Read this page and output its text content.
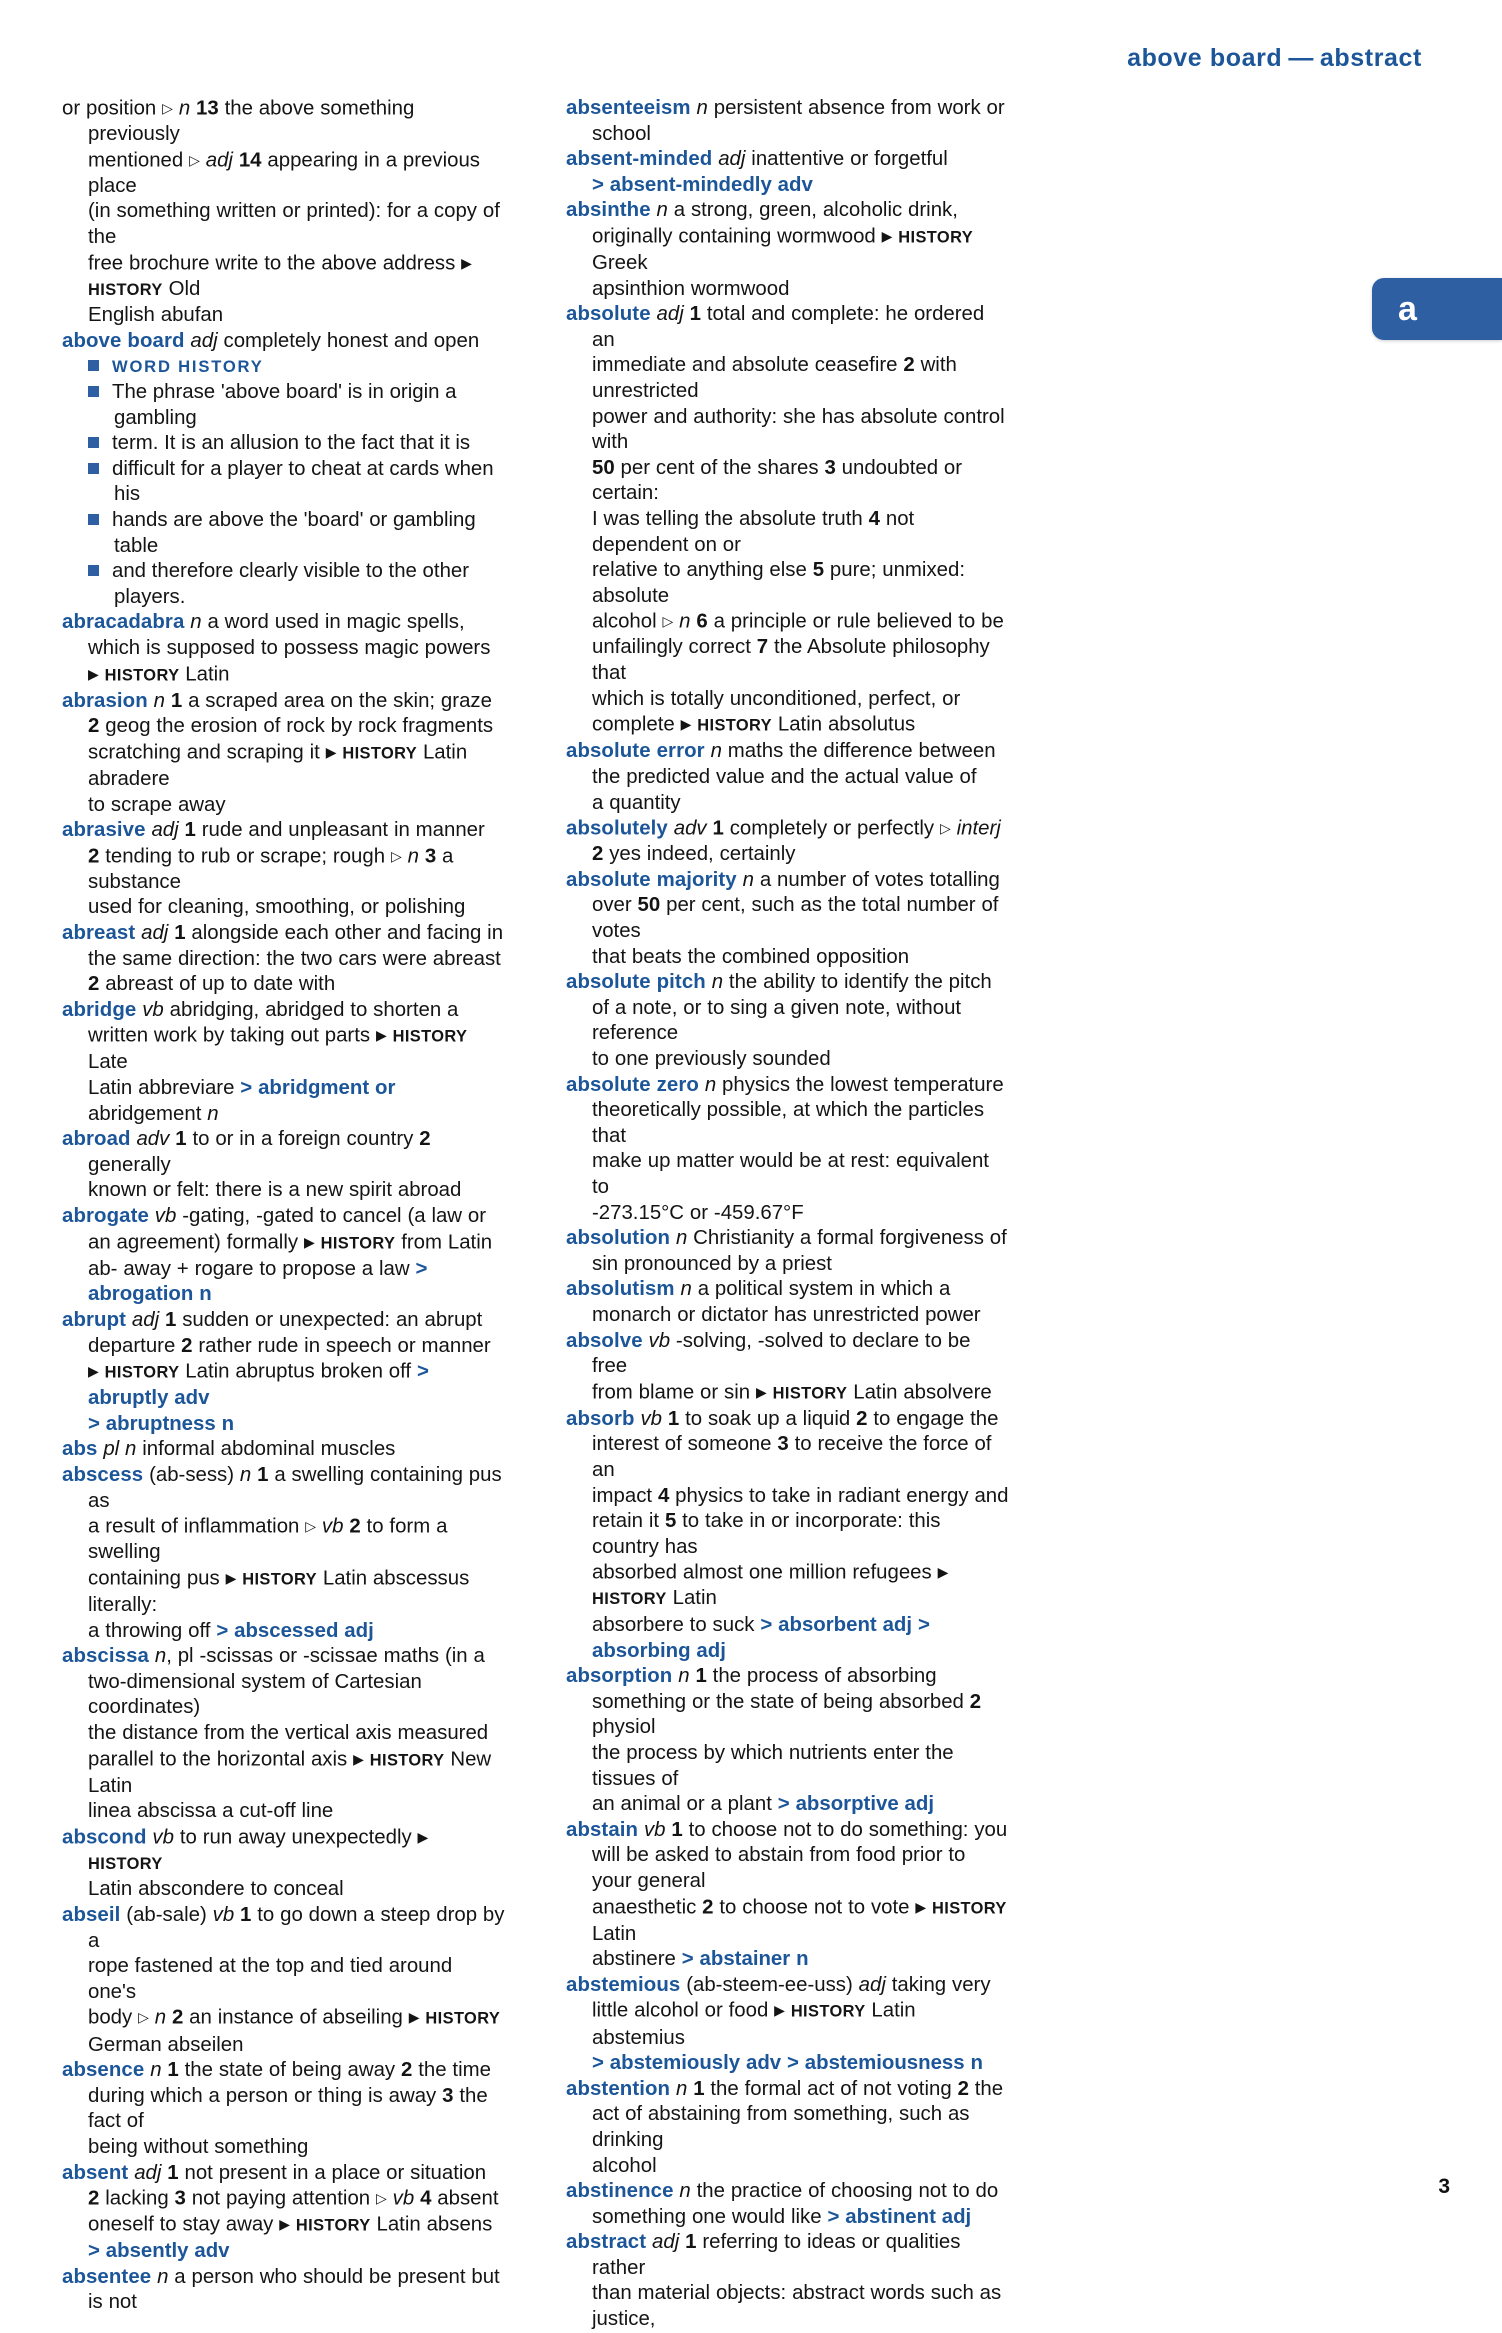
above board — abstract
a
or position ▷ n 13 the above something previously
mentioned ▷ adj 14 appearing in a previous place
(in something written or printed): for a copy of the
free brochure write to the above address ▶ HISTORY Old
English abufan
above board adj completely honest and open
WORD HISTORY
The phrase 'above board' is in origin a gambling
term. It is an allusion to the fact that it is
difficult for a player to cheat at cards when his
hands are above the 'board' or gambling table
and therefore clearly visible to the other players.
abracadabra n a word used in magic spells,
which is supposed to possess magic powers
▶ HISTORY Latin
abrasion n 1 a scraped area on the skin; graze
2 geog the erosion of rock by rock fragments
scratching and scraping it ▶ HISTORY Latin abradere
to scrape away
abrasive adj 1 rude and unpleasant in manner
2 tending to rub or scrape; rough ▷ n 3 a substance
used for cleaning, smoothing, or polishing
abreast adj 1 alongside each other and facing in
the same direction: the two cars were abreast
2 abreast of up to date with
abridge vb abridging, abridged to shorten a
written work by taking out parts ▶ HISTORY Late
Latin abbreviare > abridgment or abridgement n
abroad adv 1 to or in a foreign country 2 generally
known or felt: there is a new spirit abroad
abrogate vb -gating, -gated to cancel (a law or
an agreement) formally ▶ HISTORY from Latin
ab- away + rogare to propose a law > abrogation n
abrupt adj 1 sudden or unexpected: an abrupt
departure 2 rather rude in speech or manner
▶ HISTORY Latin abruptus broken off > abruptly adv
> abruptness n
abs pl n informal abdominal muscles
abscess (ab-sess) n 1 a swelling containing pus as
a result of inflammation ▷ vb 2 to form a swelling
containing pus ▶ HISTORY Latin abscessus literally:
a throwing off > abscessed adj
abscissa n, pl -scissas or -scissae maths (in a
two-dimensional system of Cartesian coordinates)
the distance from the vertical axis measured
parallel to the horizontal axis ▶ HISTORY New Latin
linea abscissa a cut-off line
abscond vb to run away unexpectedly ▶ HISTORY
Latin abscondere to conceal
abseil (ab-sale) vb 1 to go down a steep drop by a
rope fastened at the top and tied around one's
body ▷ n 2 an instance of abseiling ▶ HISTORY
German abseilen
absence n 1 the state of being away 2 the time
during which a person or thing is away 3 the fact of
being without something
absent adj 1 not present in a place or situation
2 lacking 3 not paying attention ▷ vb 4 absent
oneself to stay away ▶ HISTORY Latin absens
> absently adv
absentee n a person who should be present but
is not
absenteeism n persistent absence from work or
school
absent-minded adj inattentive or forgetful
> absent-mindedly adv
absinthe n a strong, green, alcoholic drink,
originally containing wormwood ▶ HISTORY Greek
apsinthion wormwood
absolute adj 1 total and complete: he ordered an
immediate and absolute ceasefire 2 with unrestricted
power and authority: she has absolute control with
50 per cent of the shares 3 undoubted or certain:
I was telling the absolute truth 4 not dependent on or
relative to anything else 5 pure; unmixed: absolute
alcohol ▷ n 6 a principle or rule believed to be
unfailingly correct 7 the Absolute philosophy that
which is totally unconditioned, perfect, or
complete ▶ HISTORY Latin absolutus
absolute error n maths the difference between
the predicted value and the actual value of
a quantity
absolutely adv 1 completely or perfectly ▷ interj
2 yes indeed, certainly
absolute majority n a number of votes totalling
over 50 per cent, such as the total number of votes
that beats the combined opposition
absolute pitch n the ability to identify the pitch
of a note, or to sing a given note, without reference
to one previously sounded
absolute zero n physics the lowest temperature
theoretically possible, at which the particles that
make up matter would be at rest: equivalent to
-273.15°C or -459.67°F
absolution n Christianity a formal forgiveness of
sin pronounced by a priest
absolutism n a political system in which a
monarch or dictator has unrestricted power
absolve vb -solving, -solved to declare to be free
from blame or sin ▶ HISTORY Latin absolvere
absorb vb 1 to soak up a liquid 2 to engage the
interest of someone 3 to receive the force of an
impact 4 physics to take in radiant energy and
retain it 5 to take in or incorporate: this country has
absorbed almost one million refugees ▶ HISTORY Latin
absorbere to suck > absorbent adj > absorbing adj
absorption n 1 the process of absorbing
something or the state of being absorbed 2 physiol
the process by which nutrients enter the tissues of
an animal or a plant > absorptive adj
abstain vb 1 to choose not to do something: you
will be asked to abstain from food prior to your general
anaesthetic 2 to choose not to vote ▶ HISTORY Latin
abstinere > abstainer n
abstemious (ab-steem-ee-uss) adj taking very
little alcohol or food ▶ HISTORY Latin abstemius
> abstemiously adv > abstemiousness n
abstention n 1 the formal act of not voting 2 the
act of abstaining from something, such as drinking
alcohol
abstinence n the practice of choosing not to do
something one would like > abstinent adj
abstract adj 1 referring to ideas or qualities rather
than material objects: abstract words such as justice,
3
